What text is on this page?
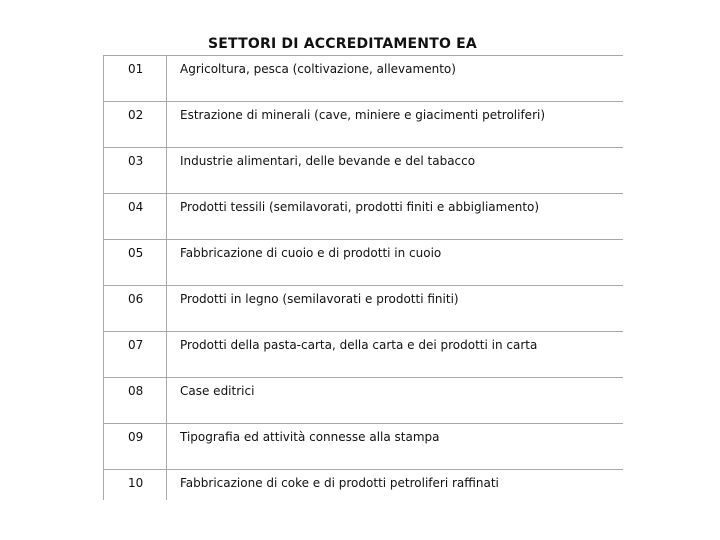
SETTORI DI ACCREDITAMENTO EA
01	Agricoltura, pesca (coltivazione, allevamento)
02	Estrazione di minerali (cave, miniere e giacimenti petroliferi)
03	Industrie alimentari, delle bevande e del tabacco
04	Prodotti tessili (semilavorati, prodotti finiti e abbigliamento)
05	Fabbricazione di cuoio e di prodotti in cuoio
06	Prodotti in legno (semilavorati e prodotti finiti)
07	Prodotti della pasta-carta, della carta e dei prodotti in carta
08	Case editrici
09	Tipografia ed attività connesse alla stampa
10	Fabbricazione di coke e di prodotti petroliferi raffinati
